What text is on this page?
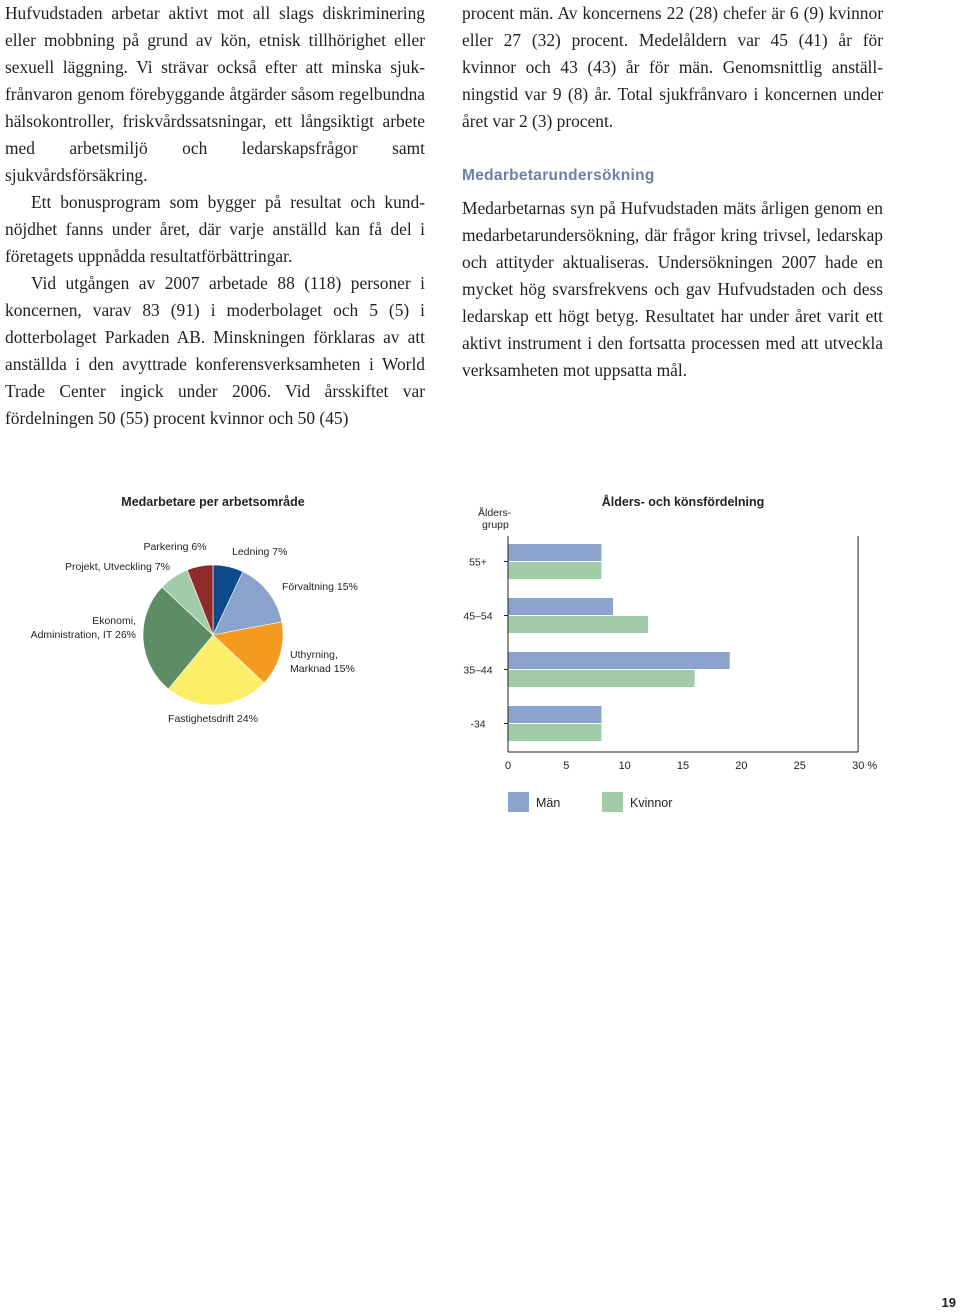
Hufvudstaden arbetar aktivt mot all slags diskriminering eller mobbning på grund av kön, etnisk tillhörighet eller sexuell läggning. Vi strävar också efter att minska sjukfrånvaron genom förebyggande åtgärder såsom regelbundna hälsokontroller, friskvårdssatsningar, ett långsiktigt arbete med arbetsmiljö och ledarskapsfrågor samt sjukvårdsförsäkring.

Ett bonusprogram som bygger på resultat och kundnöjdhet fanns under året, där varje anställd kan få del i företagets uppnådda resultatförbättringar.

Vid utgången av 2007 arbetade 88 (118) personer i koncernen, varav 83 (91) i moderbolaget och 5 (5) i dotterbolaget Parkaden AB. Minskningen förklaras av att anställda i den avyttrade konferensverksamheten i World Trade Center ingick under 2006. Vid årsskiftet var fördelningen 50 (55) procent kvinnor och 50 (45)

procent män. Av koncernens 22 (28) chefer är 6 (9) kvinnor eller 27 (32) procent. Medelåldern var 45 (41) år för kvinnor och 43 (43) år för män. Genomsnittlig anställningstid var 9 (8) år. Total sjukfrånvaro i koncernen under året var 2 (3) procent.

Medarbetarundersökning

Medarbetarnas syn på Hufvudstaden mäts årligen genom en medarbetarundersökning, där frågor kring trivsel, ledarskap och attityder aktualiseras. Undersökningen 2007 hade en mycket hög svarsfrekvens och gav Hufvudstaden och dess ledarskap ett högt betyg. Resultatet har under året varit ett aktivt instrument i den fortsatta processen med att utveckla verksamheten mot uppsatta mål.

Medarbetare per arbetsområde
Ledning 7%
Förvaltning 15%
Uthyrning, Marknad 15%
Fastighetsdrift 24%
Ekonomi, Administration, IT 26%
Projekt, Utveckling 7%
Parkering 6%
Ålders- och könsfördelning
Ålders- grupp
55+
45–54
35–44
-34
0	5	10	15	20	25	30 %
Män	Kvinnor
19
